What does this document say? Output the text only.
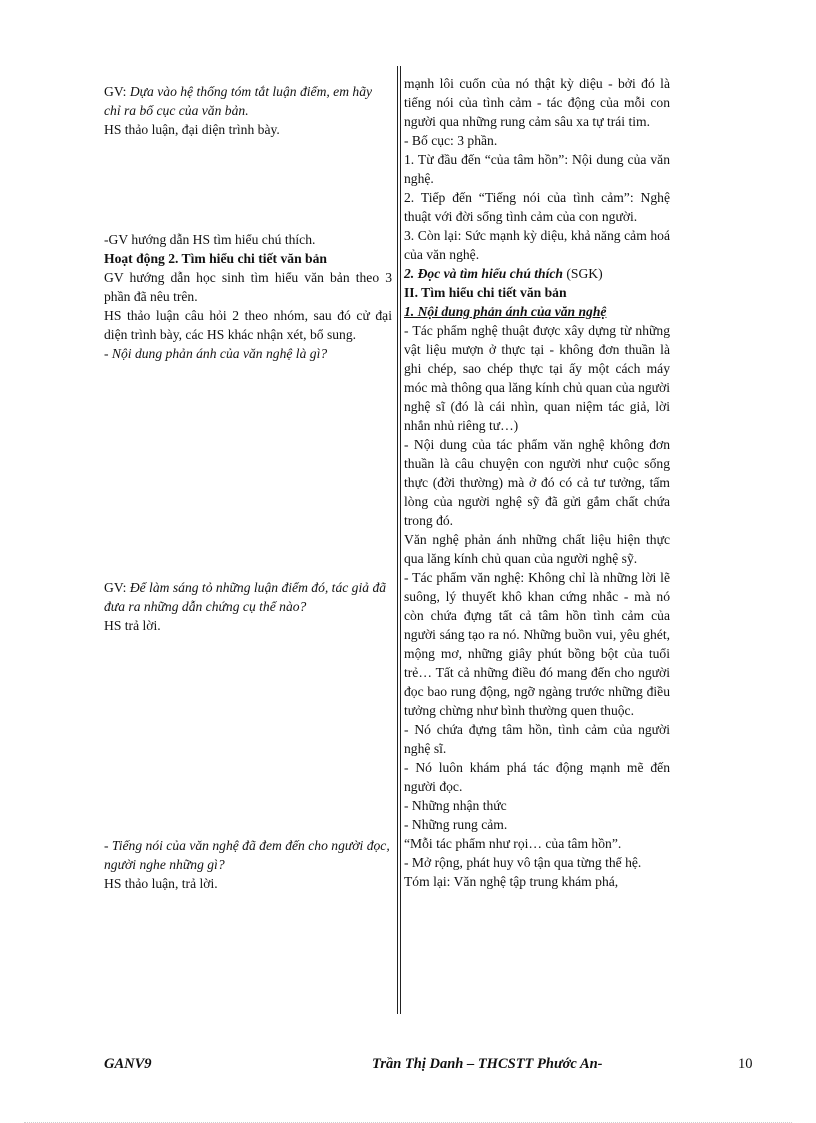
GV: Dựa vào hệ thống tóm tắt luận điểm, em hãy chỉ ra bố cục của văn bản.

HS thảo luận, đại diện trình bày.

-GV hướng dẫn HS tìm hiểu chú thích.

Hoạt động 2. Tìm hiểu chi tiết văn bản

GV hướng dẫn học sinh tìm hiểu văn bản theo 3 phần đã nêu trên.

HS thảo luận câu hỏi 2 theo nhóm, sau đó cử đại diện trình bày, các HS khác nhận xét, bổ sung.

- Nội dung phản ánh của văn nghệ là gì?

GV: Để làm sáng tỏ những luận điểm đó, tác giả đã đưa ra những dẫn chứng cụ thể nào?

HS trả lời.

- Tiếng nói của văn nghệ đã đem đến cho người đọc, người nghe những gì?

HS thảo luận, trả lời.

mạnh lôi cuốn của nó thật kỳ diệu - bởi đó là tiếng nói của tình cảm - tác động của mỗi con người qua những rung cảm sâu xa tự trái tim.

- Bố cục: 3 phần.

1. Từ đầu đến “của tâm hồn”: Nội dung của văn nghệ.

2. Tiếp đến “Tiếng nói của tình cảm”: Nghệ thuật với đời sống tình cảm của con người.

3. Còn lại: Sức mạnh kỳ diệu, khả năng cảm hoá của văn nghệ.

2. Đọc và tìm hiểu chú thích (SGK)

II. Tìm hiểu chi tiết văn bản

1. Nội dung phản ánh của văn nghệ

- Tác phẩm nghệ thuật được xây dựng từ những vật liệu mượn ở thực tại - không đơn thuần là ghi chép, sao chép thực tại ấy một cách máy móc mà thông qua lăng kính chủ quan của người nghệ sĩ (đó là cái nhìn, quan niệm tác giả, lời nhắn nhủ riêng tư…)

- Nội dung của tác phẩm văn nghệ không đơn thuần là câu chuyện con người như cuộc sống thực (đời thường) mà ở đó có cả tư tưởng, tấm lòng của người nghệ sỹ đã gửi gắm chất chứa trong đó.

Văn nghệ phản ánh những chất liệu hiện thực qua lăng kính chủ quan của người nghệ sỹ.

- Tác phẩm văn nghệ: Không chỉ là những lời lẽ suông, lý thuyết khô khan cứng nhắc - mà nó còn chứa đựng tất cả tâm hồn tình cảm của người sáng tạo ra nó. Những buồn vui, yêu ghét, mộng mơ, những giây phút bồng bột của tuổi trẻ… Tất cả những điều đó mang đến cho người đọc bao rung động, ngỡ ngàng trước những điều tưởng chừng như bình thường quen thuộc.

- Nó chứa đựng tâm hồn, tình cảm của người nghệ sĩ.

- Nó luôn khám phá tác động mạnh mẽ đến người đọc.

- Những nhận thức

- Những rung cảm.

“Mỗi tác phẩm như rọi… của tâm hồn”.

- Mở rộng, phát huy vô tận qua từng thế hệ.

Tóm lại: Văn nghệ tập trung khám phá,

GANV9	Trần Thị Danh – THCSTT Phước An-	10
